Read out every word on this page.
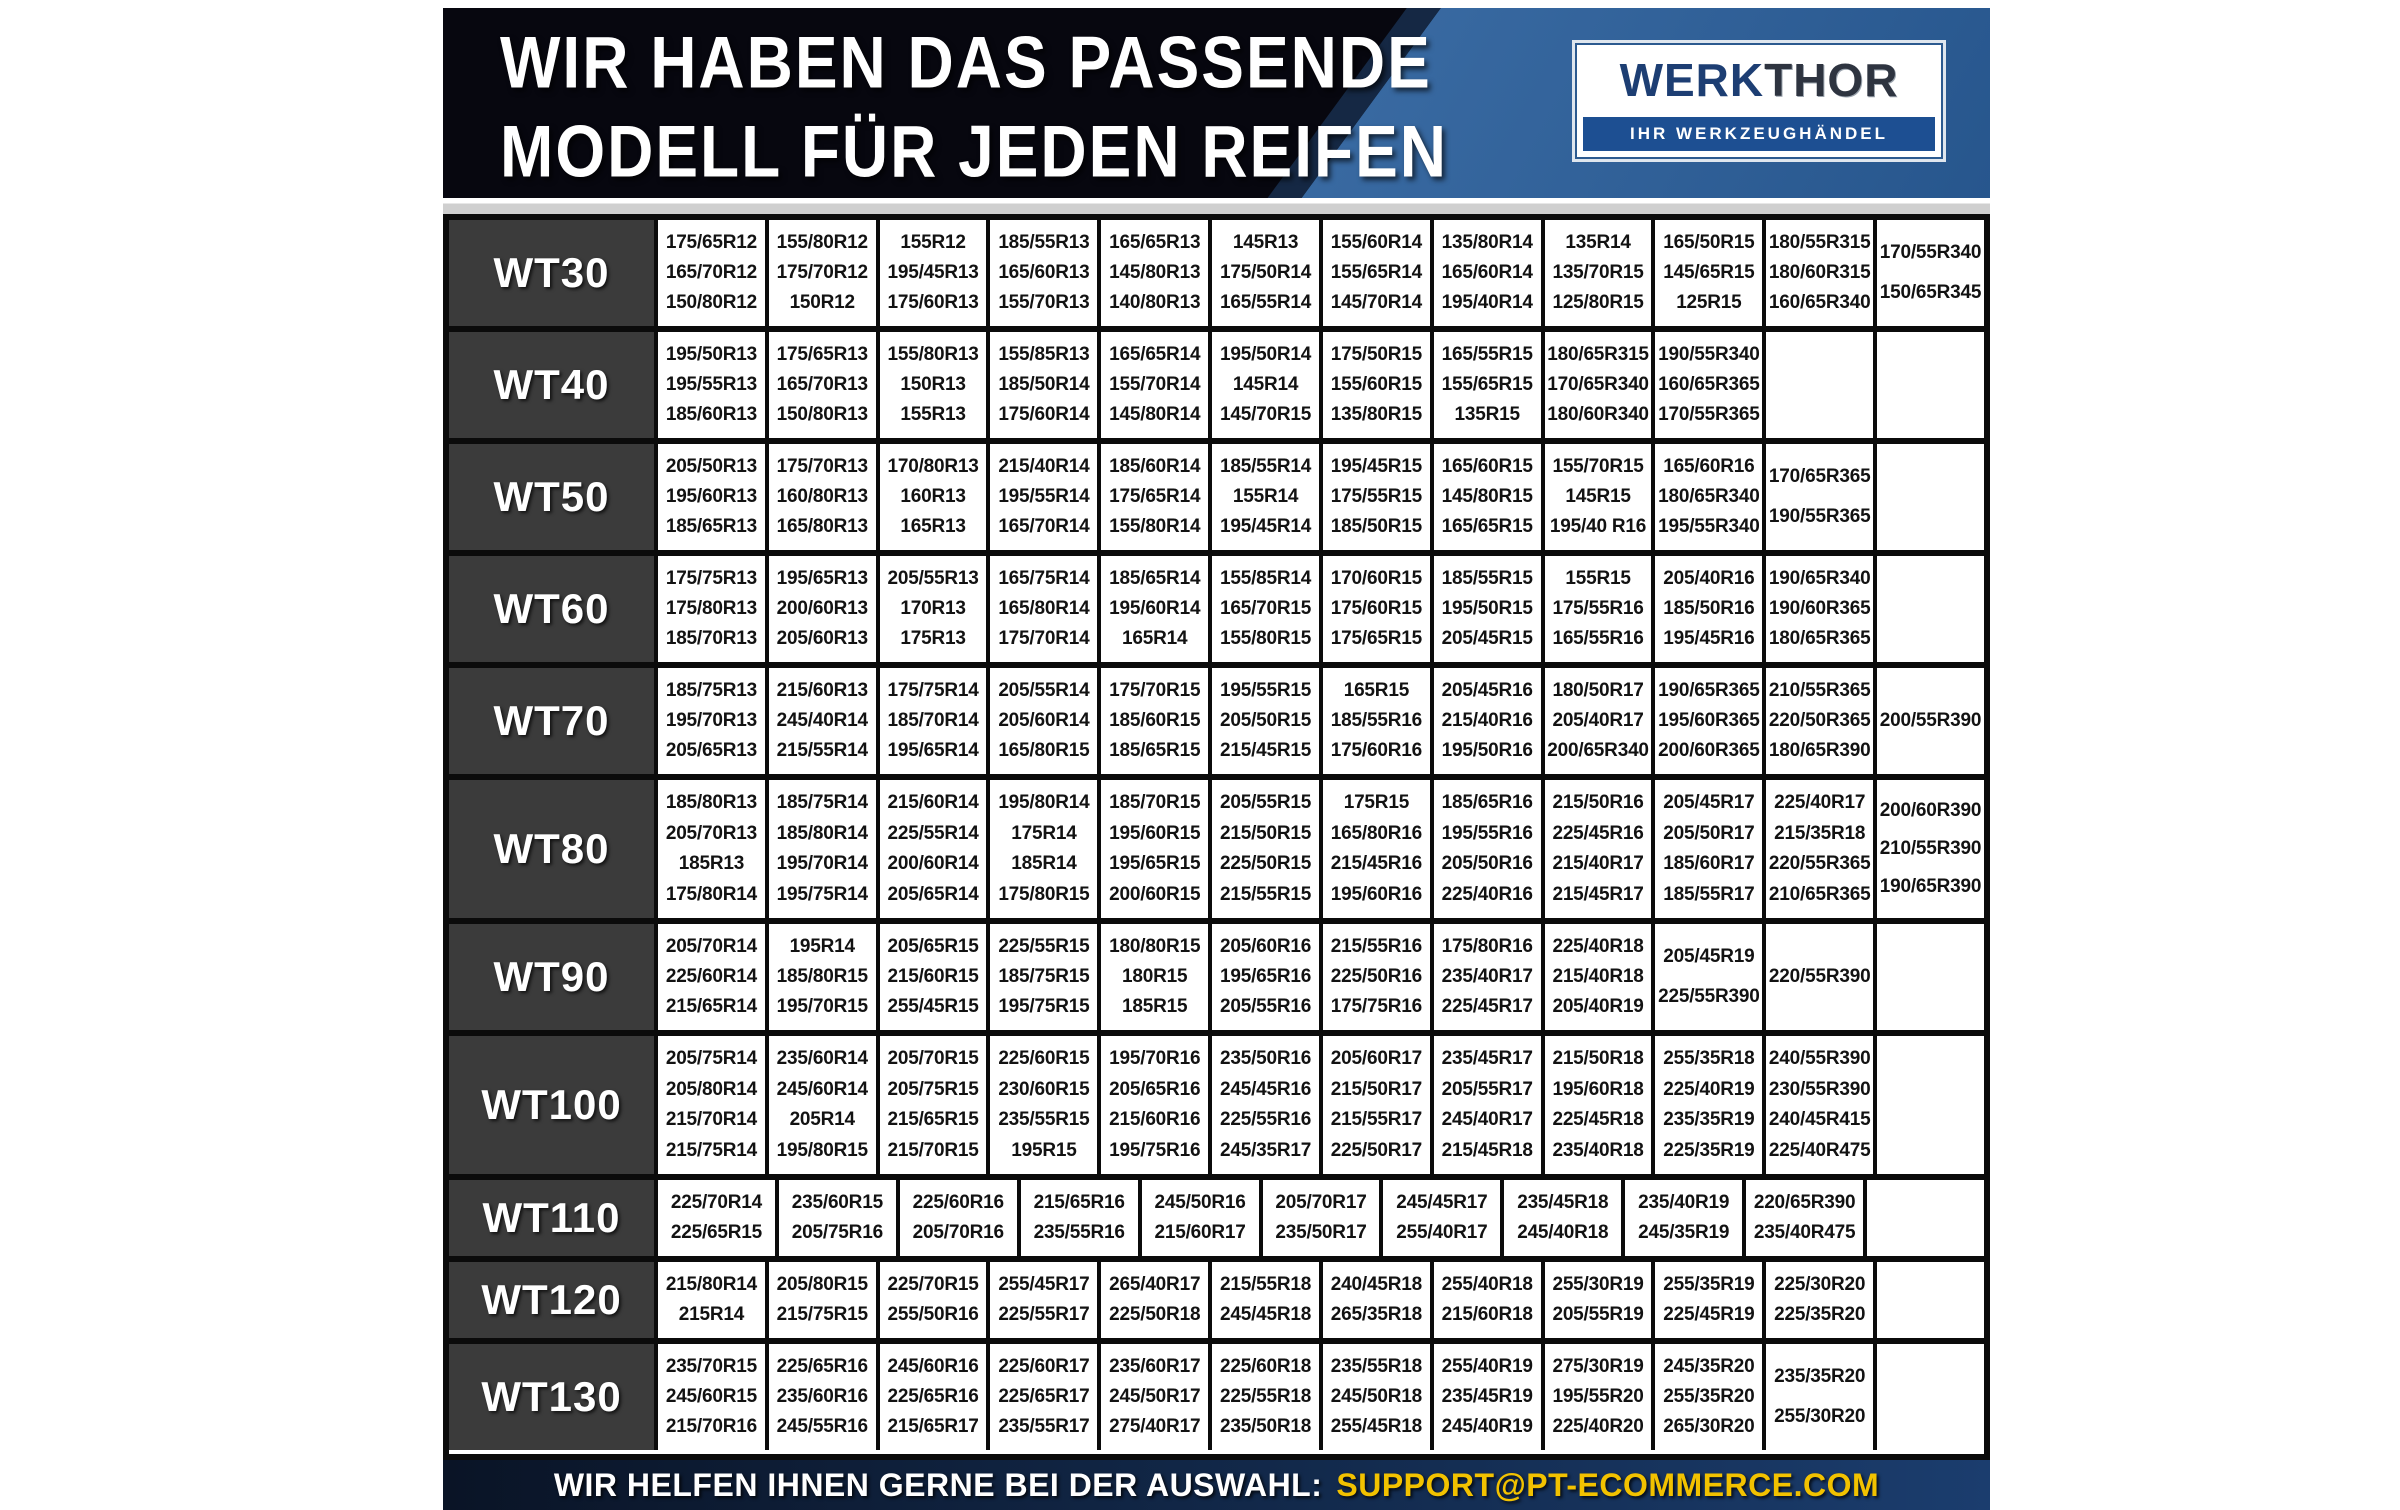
WIR HABEN DAS PASSENDE
MODELL FÜR JEDEN REIFEN
WERK THOR
IHR WERKZEUGHÄNDEL
WT30
175/65R12
165/70R12
150/80R12
155/80R12
175/70R12
150R12
155R12
195/45R13
175/60R13
185/55R13
165/60R13
155/70R13
165/65R13
145/80R13
140/80R13
145R13
175/50R14
165/55R14
155/60R14
155/65R14
145/70R14
135/80R14
165/60R14
195/40R14
135R14
135/70R15
125/80R15
165/50R15
145/65R15
125R15
180/55R315
180/60R315
160/65R340
170/55R340
150/65R345
WT40
195/50R13
195/55R13
185/60R13
175/65R13
165/70R13
150/80R13
155/80R13
150R13
155R13
155/85R13
185/50R14
175/60R14
165/65R14
155/70R14
145/80R14
195/50R14
145R14
145/70R15
175/50R15
155/60R15
135/80R15
165/55R15
155/65R15
135R15
180/65R315
170/65R340
180/60R340
190/55R340
160/65R365
170/55R365
WT50
205/50R13
195/60R13
185/65R13
175/70R13
160/80R13
165/80R13
170/80R13
160R13
165R13
215/40R14
195/55R14
165/70R14
185/60R14
175/65R14
155/80R14
185/55R14
155R14
195/45R14
195/45R15
175/55R15
185/50R15
165/60R15
145/80R15
165/65R15
155/70R15
145R15
195/40 R16
165/60R16
180/65R340
195/55R340
170/65R365
190/55R365
WT60
175/75R13
175/80R13
185/70R13
195/65R13
200/60R13
205/60R13
205/55R13
170R13
175R13
165/75R14
165/80R14
175/70R14
185/65R14
195/60R14
165R14
155/85R14
165/70R15
155/80R15
170/60R15
175/60R15
175/65R15
185/55R15
195/50R15
205/45R15
155R15
175/55R16
165/55R16
205/40R16
185/50R16
195/45R16
190/65R340
190/60R365
180/65R365
WT70
185/75R13
195/70R13
205/65R13
215/60R13
245/40R14
215/55R14
175/75R14
185/70R14
195/65R14
205/55R14
205/60R14
165/80R15
175/70R15
185/60R15
185/65R15
195/55R15
205/50R15
215/45R15
165R15
185/55R16
175/60R16
205/45R16
215/40R16
195/50R16
180/50R17
205/40R17
200/65R340
190/65R365
195/60R365
200/60R365
210/55R365
220/50R365
180/65R390
200/55R390
WT80
185/80R13
205/70R13
185R13
175/80R14
185/75R14
185/80R14
195/70R14
195/75R14
215/60R14
225/55R14
200/60R14
205/65R14
195/80R14
175R14
185R14
175/80R15
185/70R15
195/60R15
195/65R15
200/60R15
205/55R15
215/50R15
225/50R15
215/55R15
175R15
165/80R16
215/45R16
195/60R16
185/65R16
195/55R16
205/50R16
225/40R16
215/50R16
225/45R16
215/40R17
215/45R17
205/45R17
205/50R17
185/60R17
185/55R17
225/40R17
215/35R18
220/55R365
210/65R365
200/60R390
210/55R390
190/65R390
WT90
205/70R14
225/60R14
215/65R14
195R14
185/80R15
195/70R15
205/65R15
215/60R15
255/45R15
225/55R15
185/75R15
195/75R15
180/80R15
180R15
185R15
205/60R16
195/65R16
205/55R16
215/55R16
225/50R16
175/75R16
175/80R16
235/40R17
225/45R17
225/40R18
215/40R18
205/40R19
205/45R19
225/55R390
220/55R390
WT100
205/75R14
205/80R14
215/70R14
215/75R14
235/60R14
245/60R14
205R14
195/80R15
205/70R15
205/75R15
215/65R15
215/70R15
225/60R15
230/60R15
235/55R15
195R15
195/70R16
205/65R16
215/60R16
195/75R16
235/50R16
245/45R16
225/55R16
245/35R17
205/60R17
215/50R17
215/55R17
225/50R17
235/45R17
205/55R17
245/40R17
215/45R18
215/50R18
195/60R18
225/45R18
235/40R18
255/35R18
225/40R19
235/35R19
225/35R19
240/55R390
230/55R390
240/45R415
225/40R475
WT110	225/70R14
225/65R15
235/60R15
205/75R16
225/60R16
205/70R16
215/65R16
235/55R16
245/50R16
215/60R17
205/70R17
235/50R17
245/45R17
255/40R17
235/45R18
245/40R18
235/40R19
245/35R19
220/65R390
235/40R475
WT120	215/80R14
215R14
205/80R15
215/75R15
225/70R15
255/50R16
255/45R17
225/55R17
265/40R17
225/50R18
215/55R18
245/45R18
240/45R18
265/35R18
255/40R18
215/60R18
255/30R19
205/55R19
255/35R19
225/45R19
225/30R20
225/35R20
WT130
235/70R15
245/60R15
215/70R16
225/65R16
235/60R16
245/55R16
245/60R16
225/65R16
215/65R17
225/60R17
225/65R17
235/55R17
235/60R17
245/50R17
275/40R17
225/60R18
225/55R18
235/50R18
235/55R18
245/50R18
255/45R18
255/40R19
235/45R19
245/40R19
275/30R19
195/55R20
225/40R20
245/35R20
255/35R20
265/30R20
235/35R20
255/30R20
WIR HELFEN IHNEN GERNE BEI DER AUSWAHL: SUPPORT@PT-ECOMMERCE.COM
